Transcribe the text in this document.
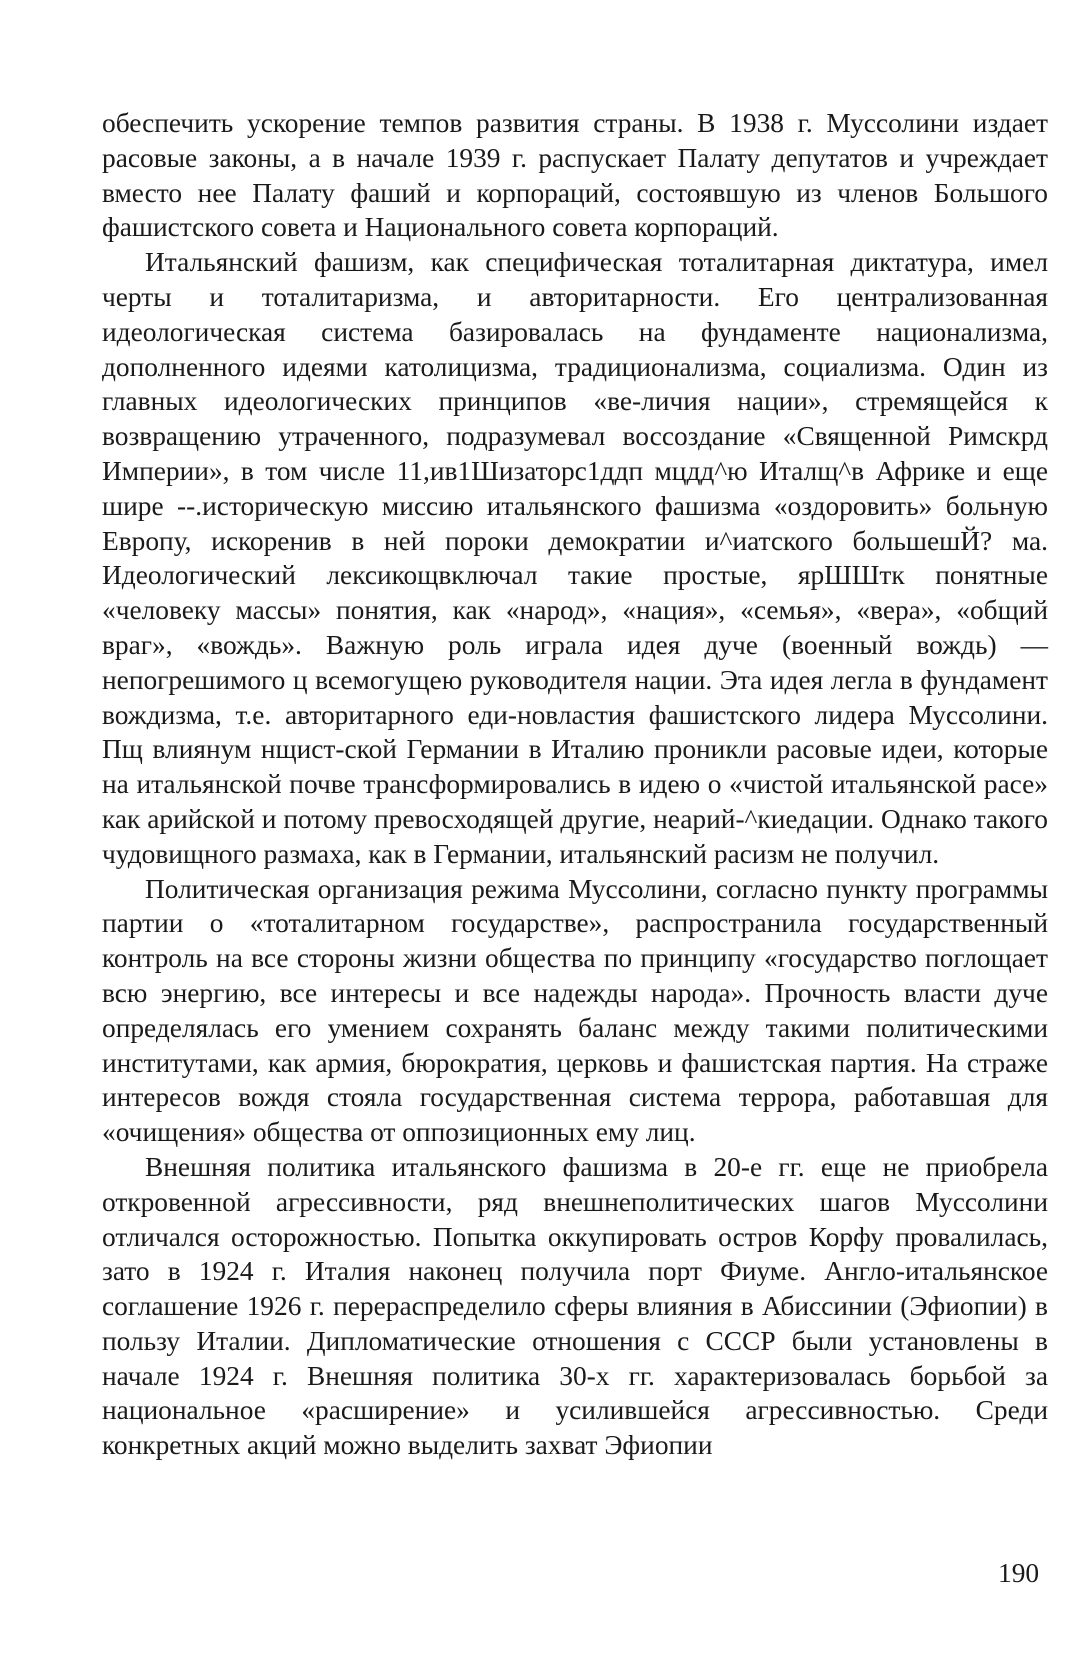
обеспечить ускорение темпов развития страны. В 1938 г. Муссолини издает расовые законы, а в начале 1939 г. распускает Палату депутатов и учреждает вместо нее Палату фаший и корпораций, состоявшую из членов Большого фашистского совета и Национального совета корпораций.

Итальянский фашизм, как специфическая тоталитарная диктатура, имел черты и тоталитаризма, и авторитарности. Его централизованная идеологическая система базировалась на фундаменте национализма, дополненного идеями католицизма, традиционализма, социализма. Один из главных идеологических принципов «ве-личия нации», стремящейся к возвращению утраченного, подразумевал воссоздание «Священной Римскрд Империи», в том числе 11,ив1Шизаторс1ддп мцдд^ю Италщ^в Африке и еще шире --.историческую миссию итальянского фашизма «оздоровить» больную Европу, искоренив в ней пороки демократии и^иатского большешЙ? ма. Идеологический лексикощвключал такие простые, ярШШтк понятные «человеку массы» понятия, как «народ», «нация», «семья», «вера», «общий враг», «вождь». Важную роль играла идея дуче (военный вождь) — непогрешимого ц всемогущею руководителя нации. Эта идея легла в фундамент вождизма, т.е. авторитарного еди-новластия фашистского лидера Муссолини. Пщ влиянум нщист-ской Германии в Италию проникли расовые идеи, которые на итальянской почве трансформировались в идею о «чистой итальянской расе» как арийской и потому превосходящей другие, неарий-^киедации. Однако такого чудовищного размаха, как в Германии, итальянский расизм не получил.

Политическая организация режима Муссолини, согласно пункту программы партии о «тоталитарном государстве», распространила государственный контроль на все стороны жизни общества по принципу «государство поглощает всю энергию, все интересы и все надежды народа». Прочность власти дуче определялась его умением сохранять баланс между такими политическими институтами, как армия, бюрократия, церковь и фашистская партия. На страже интересов вождя стояла государственная система террора, работавшая для «очищения» общества от оппозиционных ему лиц.

Внешняя политика итальянского фашизма в 20-е гг. еще не приобрела откровенной агрессивности, ряд внешнеполитических шагов Муссолини отличался осторожностью. Попытка оккупировать остров Корфу провалилась, зато в 1924 г. Италия наконец получила порт Фиуме. Англо-итальянское соглашение 1926 г. перераспределило сферы влияния в Абиссинии (Эфиопии) в пользу Италии. Дипломатические отношения с СССР были установлены в начале 1924 г. Внешняя политика 30-х гг. характеризовалась борьбой за национальное «расширение» и усилившейся агрессивностью. Среди конкретных акций можно выделить захват Эфиопии

190
